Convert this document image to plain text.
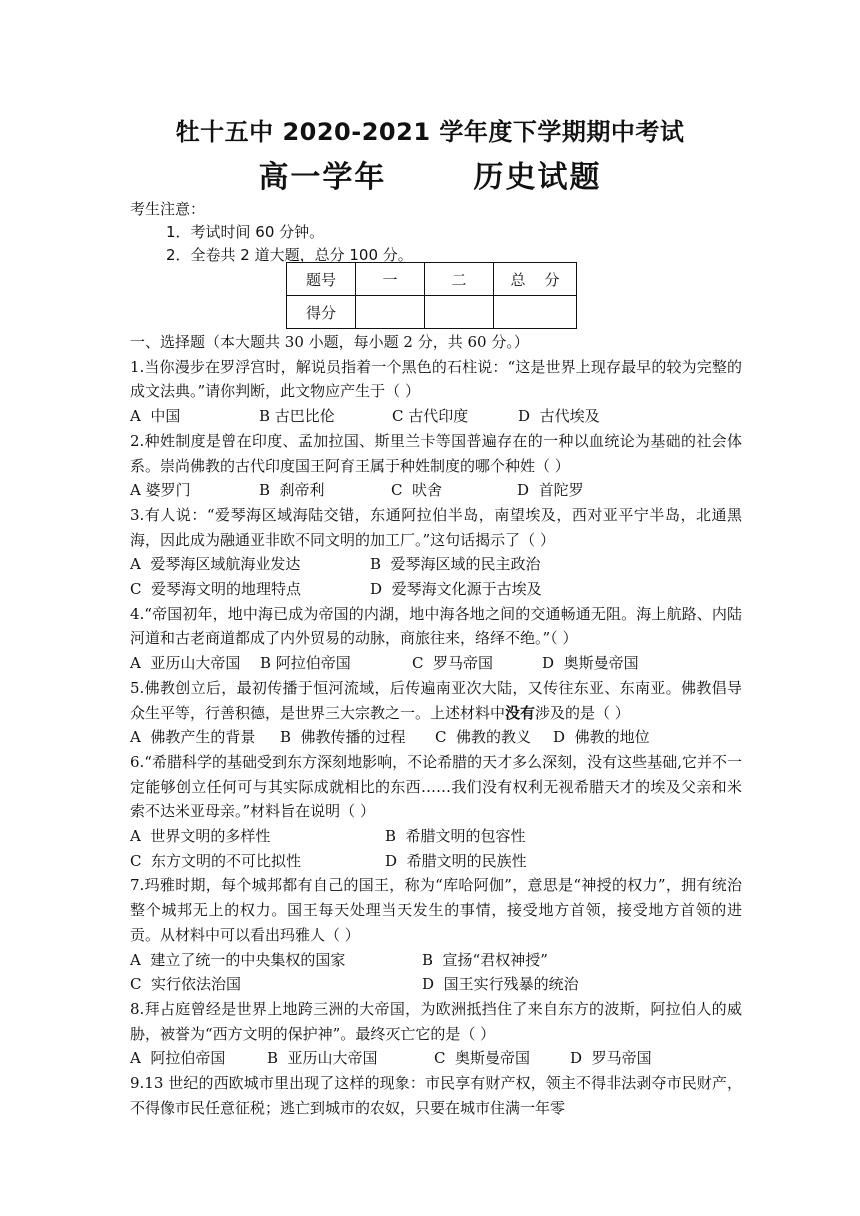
牡十五中 2020-2021 学年度下学期期中考试
高一学年       历史试题
考生注意：
1．考试时间 60 分钟。
2．全卷共 2 道大题，总分 100 分。
题号	一	二	总    分
得分			

一、选择题（本大题共 30 小题，每小题 2 分，共 60 分。）

1.当你漫步在罗浮宫时，解说员指着一个黑色的石柱说：“这是世界上现存最早的较为完整的成文法典。”请你判断，此文物应产生于（ ）

A  中国	B 古巴比伦	C 古代印度	D  古代埃及

2.种姓制度是曾在印度、孟加拉国、斯里兰卡等国普遍存在的一种以血统论为基础的社会体系。崇尚佛教的古代印度国王阿育王属于种姓制度的哪个种姓（ ）

A 婆罗门	B  刹帝利	C  吠舍	D  首陀罗

3.有人说：“爱琴海区域海陆交错，东通阿拉伯半岛，南望埃及，西对亚平宁半岛，北通黑海，因此成为融通亚非欧不同文明的加工厂。”这句话揭示了（ ）

A  爱琴海区域航海业发达	B  爱琴海区域的民主政治
C  爱琴海文明的地理特点	D  爱琴海文化源于古埃及

4.“帝国初年，地中海已成为帝国的内湖，地中海各地之间的交通畅通无阻。海上航路、内陆河道和古老商道都成了内外贸易的动脉，商旅往来，络绎不绝。”（ ）

A  亚历山大帝国	B 阿拉伯帝国	C  罗马帝国	D  奥斯曼帝国

5.佛教创立后，最初传播于恒河流域，后传遍南亚次大陆，又传往东亚、东南亚。佛教倡导众生平等，行善积德，是世界三大宗教之一。上述材料中没有涉及的是（ ）

A  佛教产生的背景	B  佛教传播的过程	C  佛教的教义	D  佛教的地位

6.“希腊科学的基础受到东方深刻地影响，不论希腊的天才多么深刻，没有这些基础,它并不一定能够创立任何可与其实际成就相比的东西……我们没有权利无视希腊天才的埃及父亲和米索不达米亚母亲。”材料旨在说明（ ）

A  世界文明的多样性	B  希腊文明的包容性
C  东方文明的不可比拟性	D  希腊文明的民族性

7.玛雅时期，每个城邦都有自己的国王，称为“库哈阿伽”，意思是“神授的权力”，拥有统治整个城邦无上的权力。国王每天处理当天发生的事情，接受地方首领，接受地方首领的进贡。从材料中可以看出玛雅人（ ）

A  建立了统一的中央集权的国家	B  宣扬“君权神授”
C  实行依法治国	D  国王实行残暴的统治

8.拜占庭曾经是世界上地跨三洲的大帝国，为欧洲抵挡住了来自东方的波斯，阿拉伯人的威胁，被誉为“西方文明的保护神”。最终灭亡它的是（ ）

A  阿拉伯帝国	B  亚历山大帝国	C  奥斯曼帝国	D  罗马帝国

9.13 世纪的西欧城市里出现了这样的现象：市民享有财产权，领主不得非法剥夺市民财产，不得像市民任意征税；逃亡到城市的农奴，只要在城市住满一年零
